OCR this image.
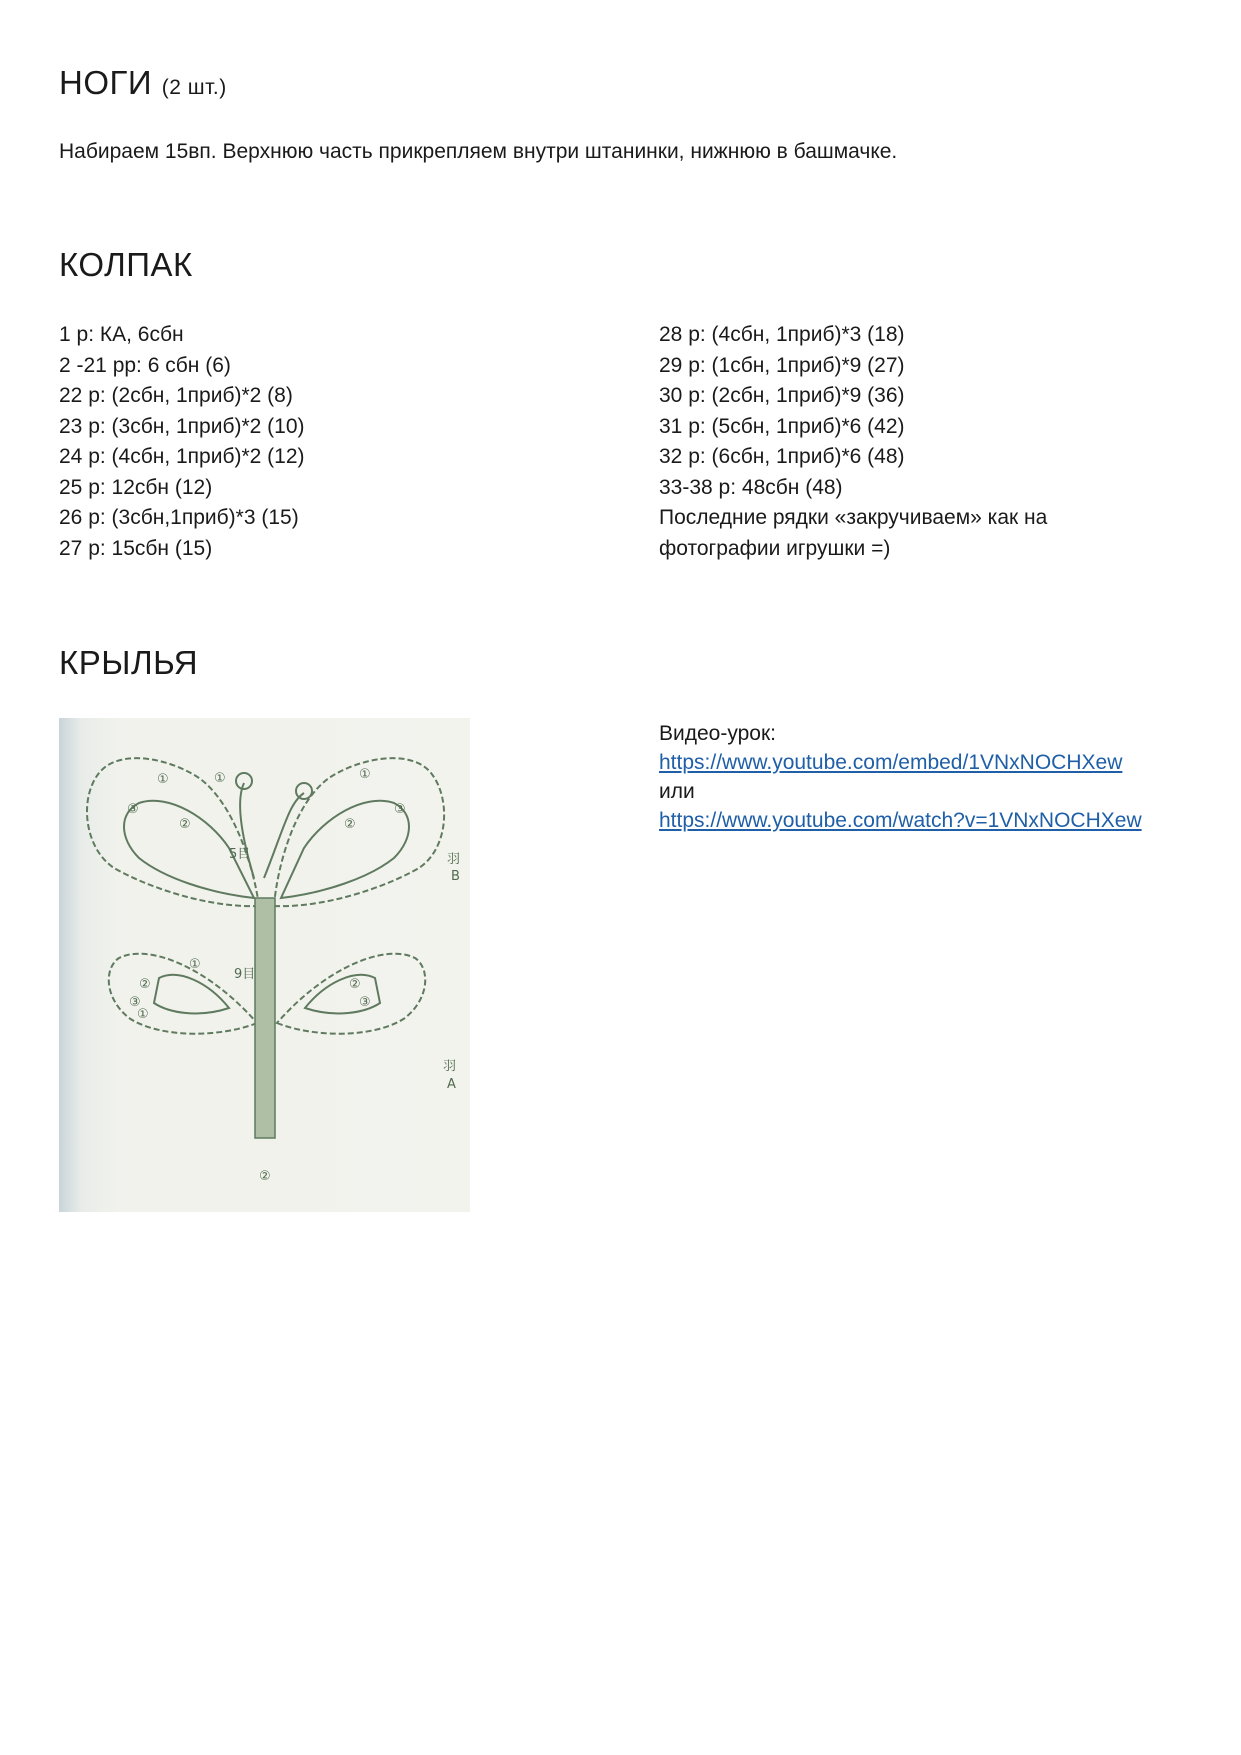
НОГИ (2 шт.)

Набираем 15вп. Верхнюю часть прикрепляем внутри штанинки, нижнюю в башмачке.

КОЛПАК
1 р: КА, 6сбн
2 -21 рр: 6 сбн (6)
22 р: (2сбн, 1приб)*2 (8)
23 р: (3сбн, 1приб)*2 (10)
24 р: (4сбн, 1приб)*2 (12)
25 р: 12сбн (12)
26 р: (3сбн,1приб)*3 (15)
27 р: 15сбн (15)
28 р: (4сбн, 1приб)*3 (18)
29 р: (1сбн, 1приб)*9 (27)
30 р: (2сбн, 1приб)*9 (36)
31 р: (5сбн, 1приб)*6 (42)
32 р: (6сбн, 1приб)*6 (48)
33-38 р: 48сбн (48)
Последние рядки «закручиваем» как на
фотографии игрушки =)
КРЫЛЬЯ
①
②
③
①
②
③
①	①
②
③
①
②
③
②
5目
9目
羽
B
羽
A
Видео-урок:
https://www.youtube.com/embed/1VNxNOCHXew
или
https://www.youtube.com/watch?v=1VNxNOCHXew
